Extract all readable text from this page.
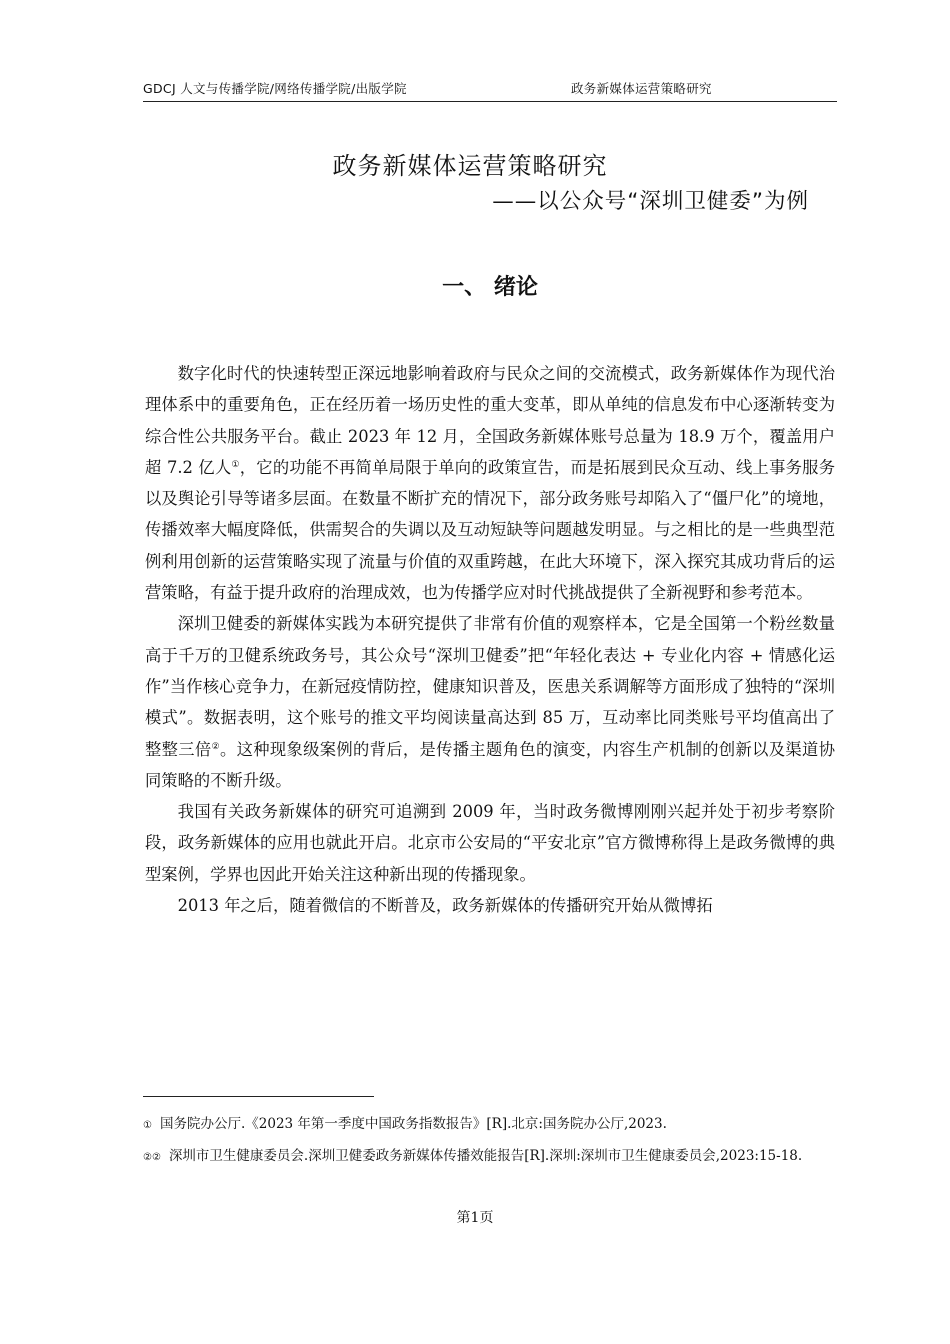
GDCJ 人文与传播学院/网络传播学院/出版学院	政务新媒体运营策略研究
政务新媒体运营策略研究
——以公众号“深圳卫健委”为例
一、 绪论

数字化时代的快速转型正深远地影响着政府与民众之间的交流模式，政务新媒体作为现代治理体系中的重要角色，正在经历着一场历史性的重大变革，即从单纯的信息发布中心逐渐转变为综合性公共服务平台。截止 2023 年 12 月，全国政务新媒体账号总量为 18.9 万个，覆盖用户超 7.2 亿人①，它的功能不再简单局限于单向的政策宣告，而是拓展到民众互动、线上事务服务以及舆论引导等诸多层面。在数量不断扩充的情况下，部分政务账号却陷入了“僵尸化”的境地，传播效率大幅度降低，供需契合的失调以及互动短缺等问题越发明显。与之相比的是一些典型范例利用创新的运营策略实现了流量与价值的双重跨越，在此大环境下，深入探究其成功背后的运营策略，有益于提升政府的治理成效，也为传播学应对时代挑战提供了全新视野和参考范本。

深圳卫健委的新媒体实践为本研究提供了非常有价值的观察样本，它是全国第一个粉丝数量高于千万的卫健系统政务号，其公众号“深圳卫健委”把“年轻化表达 + 专业化内容 + 情感化运作”当作核心竞争力，在新冠疫情防控，健康知识普及，医患关系调解等方面形成了独特的“深圳模式”。数据表明，这个账号的推文平均阅读量高达到 85 万，互动率比同类账号平均值高出了整整三倍②。这种现象级案例的背后，是传播主题角色的演变，内容生产机制的创新以及渠道协同策略的不断升级。

我国有关政务新媒体的研究可追溯到 2009 年，当时政务微博刚刚兴起并处于初步考察阶段，政务新媒体的应用也就此开启。北京市公安局的“平安北京”官方微博称得上是政务微博的典型案例，学界也因此开始关注这种新出现的传播现象。

2013 年之后，随着微信的不断普及，政务新媒体的传播研究开始从微博拓

① 国务院办公厅.《2023 年第一季度中国政务指数报告》[R].北京:国务院办公厅,2023.

②② 深圳市卫生健康委员会.深圳卫健委政务新媒体传播效能报告[R].深圳:深圳市卫生健康委员会,2023:15-18.

第1页
